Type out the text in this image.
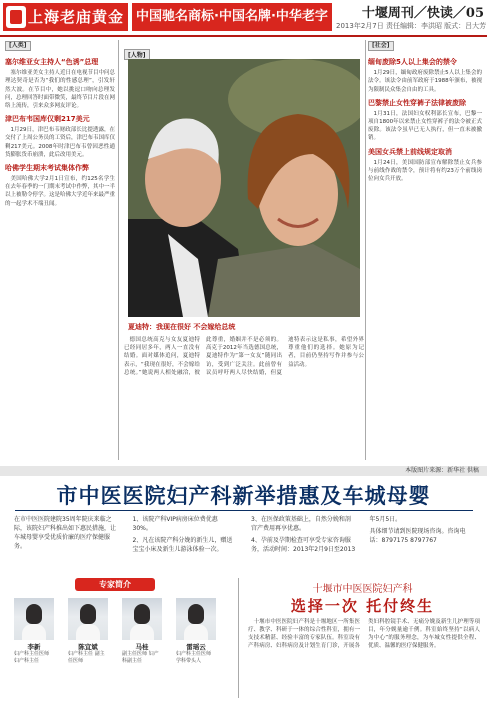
上海老庙黄金 中国驰名商标·中国名牌·中华老字号
十堰周刊／快读／05
2013年2月7日 责任编辑：李洪昭 版式：吕大芳
[人类]
塞尔维亚女主持人“色诱”总理

塞尔维亚美女主持人近日在电视节目中问总理达契奇是否为“我们的性感总理”，引发轩然大波。在节目中，她以挑逗口吻向总理发问，总理回答时面带微笑，最终节目片段在网络上流传，引来众多网友评论。

津巴布韦国库仅剩217美元

1月29日，津巴布韦财政部长比提透露，在交付了上周公务员的工资后，津巴布韦国库仅剩217美元。2008年时津巴布韦曾因恶性通货膨胀货币崩溃，此后改用美元。

哈佛学生期末考试集体作弊

美国哈佛大学2月1日宣布，约125名学生在去年春季的一门期末考试中作弊，其中一半以上被勒令停学。这是哈佛大学近年来最严重的一起学术不端丑闻。

[人物]
夏迪特：我现在很好 不会嫁给总统

德国总统高克与女友夏迪特已经同居多年，两人一直没有结婚。面对媒体追问，夏迪特表示，“我现在很好，不会嫁给总统。”她说两人相处融洽，彼此尊重，婚姻并不是必须的。高克于2012年当选德国总统，夏迪特作为“第一女友”随同出访，受到广泛关注。此前曾有议员呼吁两人尽快结婚，但夏迪特表示这是私事，希望外界尊重他们的选择。她原为记者，目前仍坚持写作并参与公益活动。

[社会]
缅甸废除5人以上集会的禁令

1月29日，缅甸政府废除禁止5人以上集会的法令。该法令由前军政府于1988年颁布，被视为限制民众集会自由的工具。

巴黎禁止女性穿裤子法律被废除

1月31日，法国妇女权利部长宣布，巴黎一项自1800年以来禁止女性穿裤子的法令被正式废除。该法令虽早已无人执行，但一直未被撤销。

美国女兵禁上前线规定取消

1月24日，美国国防部宣布解除禁止女兵参与前线作战的禁令，预计将有约23万个前线岗位向女兵开放。

本版图片来源：新华社 供稿
市中医医院妇产科新举措惠及车城母婴

在市中医医院建院35周年院庆来临之际，该院妇产科推出如下惠民措施，让车城母婴享受优质价廉的医疗保健服务。

1、该院产科VIP病房床位费优惠30%。

2、凡在该院产科分娩的新生儿，赠送宝宝小床及新生儿游泳体验一次。

3、在医保政策基础上，自然分娩和剖宫产费用再享优惠。

4、孕前及孕期检查可享受专家咨询服务，活动时间：2013年2月9日至2013年5月5日。

具体细节请到医院现场咨询。咨询电话：8797175 8797767

专家简介
李新
妇产科主任医师 妇产科主任
陈宜斌
妇产科主任 副主任医师
马桂
副主任医师 妇产科副主任
雷瑶云
妇产科主任医师 学科带头人
十堰市中医医院妇产科
选择一次 托付终生

十堰市中医医院妇产科是十堰地区一所集医疗、教学、科研于一体的综合性科室，拥有一支技术精湛、经验丰富的专家队伍。科室设有产科病房、妇科病房及计划生育门诊，开展各类妇科腔镜手术、无痛分娩及新生儿护理等项目，年分娩量逾千例。科室始终坚持“以病人为中心”的服务理念，为车城女性提供全程、优质、温馨的医疗保健服务。
